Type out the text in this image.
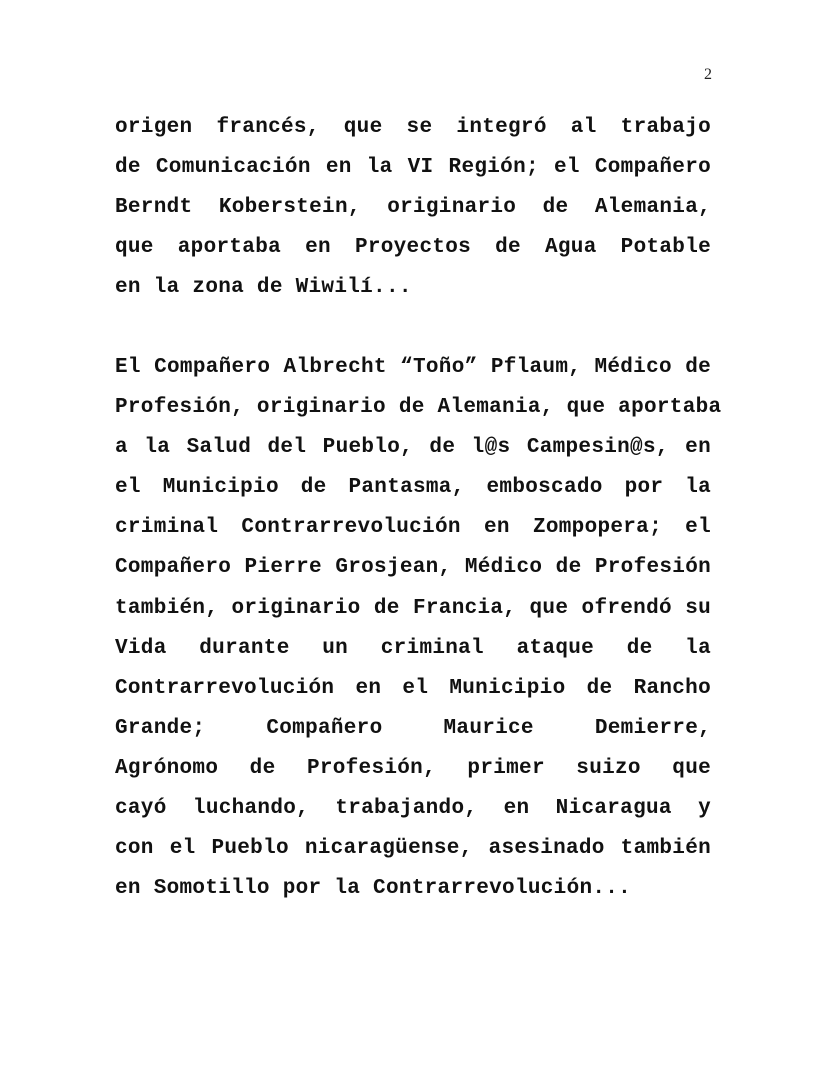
2
origen francés, que se integró al trabajo
de Comunicación en la VI Región; el Compañero
Berndt Koberstein, originario de Alemania,
que aportaba en Proyectos de Agua Potable
en la zona de Wiwilí...
El Compañero Albrecht “Toño” Pflaum, Médico de
Profesión, originario de Alemania, que aportaba
a la Salud del Pueblo, de l@s Campesin@s, en
el Municipio de Pantasma, emboscado por la
criminal Contrarrevolución en Zompopera; el
Compañero Pierre Grosjean, Médico de Profesión
también, originario de Francia, que ofrendó su
Vida durante un criminal ataque de la
Contrarrevolución en el Municipio de Rancho
Grande; Compañero Maurice Demierre,
Agrónomo de Profesión, primer suizo que
cayó luchando, trabajando, en Nicaragua y
con el Pueblo nicaragüense, asesinado también
en Somotillo por la Contrarrevolución...
